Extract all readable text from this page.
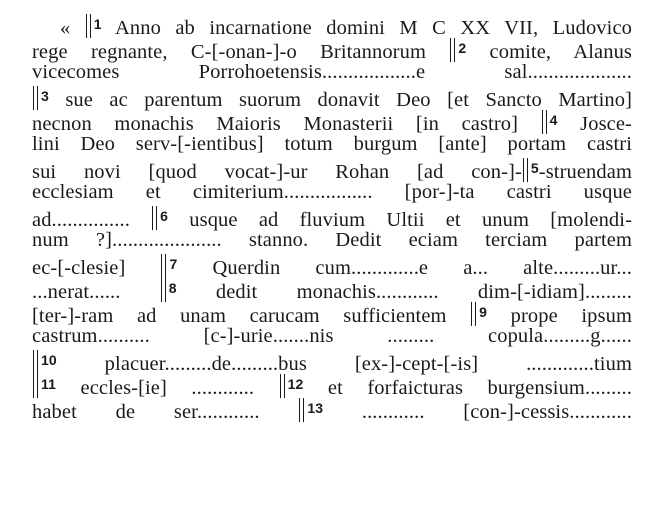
« $^1$ Anno ab incarnatione domini M C XX VII, Ludovico
rege regnante, C-[-onan-]-o Britannorum $^2$ comite, Alanus
vicecomes Porrohoetensis..................e sal....................
$^3$ sue ac parentum suorum donavit Deo [et Sancto Martino]
necnon monachis Maioris Monasterii [in castro] $^4$ Josce-
lini Deo serv-[-ientibus] totum burgum [ante] portam castri
sui novi [quod vocat-]-ur Rohan [ad con-]- $^5$-struendam
ecclesiam et cimiterium................. [por-]-ta castri usque
ad............... $^6$ usque ad fluvium Ultii et unum [molendi-
num ?]..................... stanno. Dedit eciam terciam partem
ec-[-clesie] $^7$ Querdin cum.............e a... alte.........ur...
...nerat...... $^8$ dedit monachis............ dim-[-idiam].........
[ter-]-ram ad unam carucam sufficientem $^9$ prope ipsum
castrum.......... [c-]-urie.......nis ......... copula.........g......
$^{10}$ placuer.........de.........bus [ex-]-cept-[-is] .............tium
$^{11}$ eccles-[ie] ............ $^{12}$ et forfaicturas burgensium.........
habet de ser............ $^{13}$ ............ [con-]-cessis............
